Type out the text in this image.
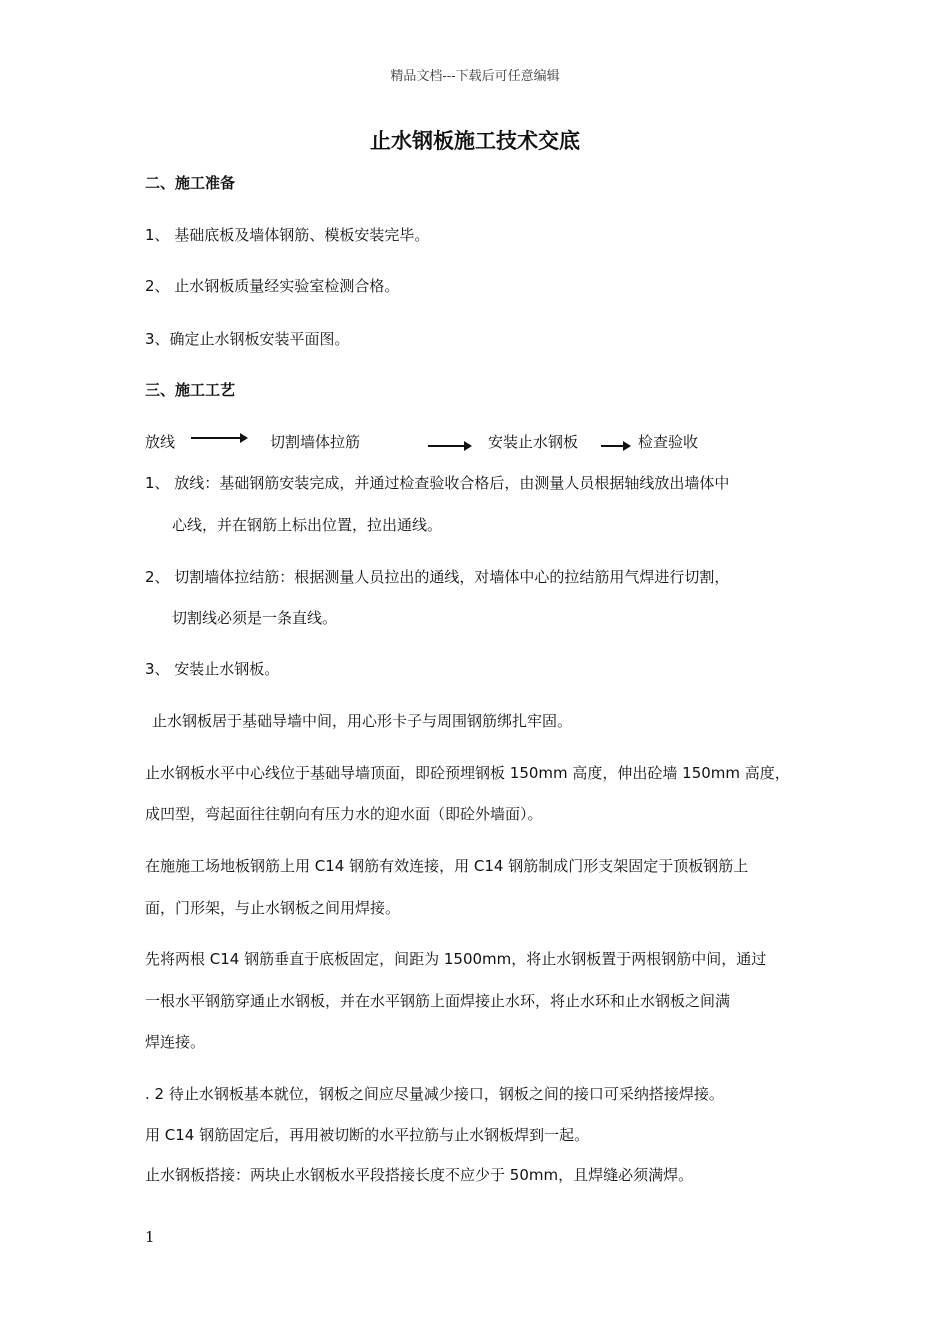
精品文档---下载后可任意编辑
止水钢板施工技术交底
二、施工准备
1、 基础底板及墙体钢筋、模板安装完毕。
2、 止水钢板质量经实验室检测合格。
3、确定止水钢板安装平面图。
三、施工工艺
放线	切割墙体拉筋	安装止水钢板	检查验收
1、 放线：基础钢筋安装完成，并通过检查验收合格后，由测量人员根据轴线放出墙体中
心线，并在钢筋上标出位置，拉出通线。
2、 切割墙体拉结筋：根据测量人员拉出的通线，对墙体中心的拉结筋用气焊进行切割，
切割线必须是一条直线。
3、 安装止水钢板。
止水钢板居于基础导墙中间，用心形卡子与周围钢筋绑扎牢固。
止水钢板水平中心线位于基础导墙顶面，即砼预埋钢板 150mm 高度，伸出砼墙 150mm 高度，
成凹型，弯起面往往朝向有压力水的迎水面（即砼外墙面）。
在施施工场地板钢筋上用 C14 钢筋有效连接，用 C14 钢筋制成门形支架固定于顶板钢筋上
面，门形架，与止水钢板之间用焊接。
先将两根 C14 钢筋垂直于底板固定，间距为 1500mm，将止水钢板置于两根钢筋中间，通过
一根水平钢筋穿通止水钢板，并在水平钢筋上面焊接止水环，将止水环和止水钢板之间满
焊连接。
. 2 待止水钢板基本就位，钢板之间应尽量减少接口，钢板之间的接口可采纳搭接焊接。
用 C14 钢筋固定后，再用被切断的水平拉筋与止水钢板焊到一起。
止水钢板搭接：两块止水钢板水平段搭接长度不应少于 50mm，且焊缝必须满焊。
1
